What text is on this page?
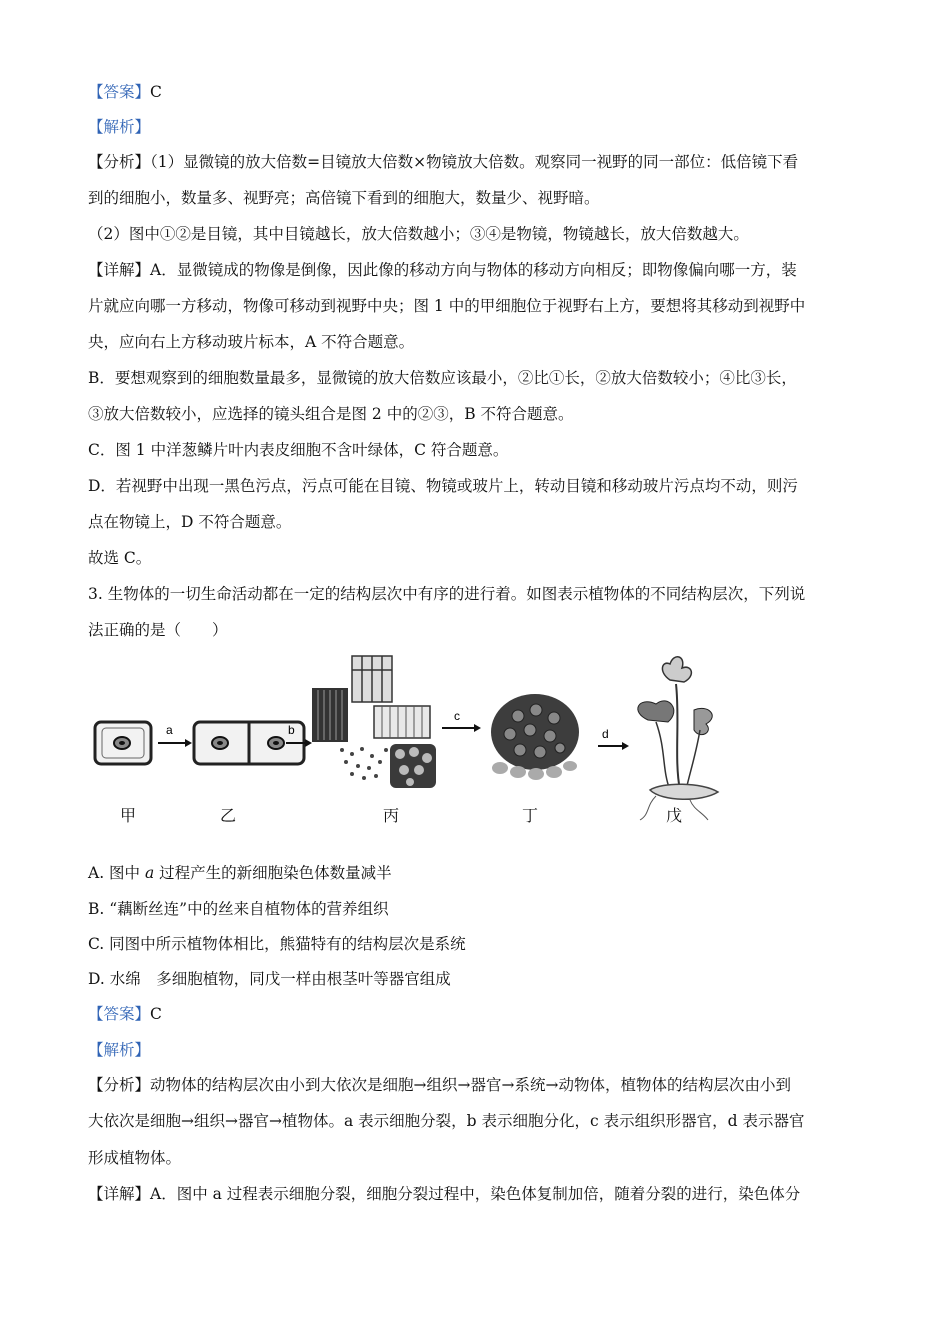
【答案】C
【解析】
【分析】（1）显微镜的放大倍数=目镜放大倍数×物镜放大倍数。观察同一视野的同一部位：低倍镜下看
到的细胞小，数量多、视野亮；高倍镜下看到的细胞大，数量少、视野暗。
（2）图中①②是目镜，其中目镜越长，放大倍数越小；③④是物镜，物镜越长，放大倍数越大。
【详解】A．显微镜成的物像是倒像，因此像的移动方向与物体的移动方向相反；即物像偏向哪一方，装
片就应向哪一方移动，物像可移动到视野中央；图 1 中的甲细胞位于视野右上方，要想将其移动到视野中
央，应向右上方移动玻片标本，A 不符合题意。
B．要想观察到的细胞数量最多，显微镜的放大倍数应该最小，②比①长，②放大倍数较小；④比③长，
③放大倍数较小，应选择的镜头组合是图 2 中的②③，B 不符合题意。
C．图 1 中洋葱鳞片叶内表皮细胞不含叶绿体，C 符合题意。
D．若视野中出现一黑色污点，污点可能在目镜、物镜或玻片上，转动目镜和移动玻片污点均不动，则污
点在物镜上，D 不符合题意。
故选 C。
3. 生物体的一切生命活动都在一定的结构层次中有序的进行着。如图表示植物体的不同结构层次，下列说
法正确的是（　　）
a	b
c
d
甲	乙	丙	丁	戊
A. 图中 a 过程产生的新细胞染色体数量减半
B. “藕断丝连”中的丝来自植物体的营养组织
C. 同图中所示植物体相比，熊猫特有的结构层次是系统
D. 水绵　多细胞植物，同戊一样由根茎叶等器官组成
【答案】C
【解析】
【分析】动物体的结构层次由小到大依次是细胞→组织→器官→系统→动物体，植物体的结构层次由小到
大依次是细胞→组织→器官→植物体。a 表示细胞分裂，b 表示细胞分化，c 表示组织形器官，d 表示器官
形成植物体。
【详解】A．图中 a 过程表示细胞分裂，细胞分裂过程中，染色体复制加倍，随着分裂的进行，染色体分
